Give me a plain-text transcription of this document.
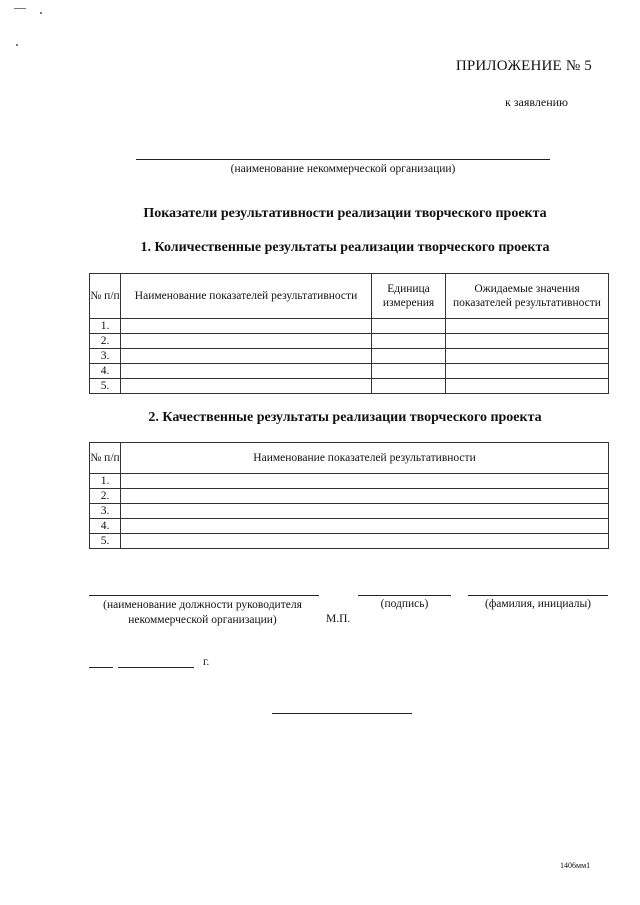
ПРИЛОЖЕНИЕ № 5
к заявлению
(наименование некоммерческой организации)
Показатели результативности реализации творческого проекта
1. Количественные результаты реализации творческого проекта
№ п/п	Наименование показателей результативности	Единица измерения	Ожидаемые значения показателей результативности
1.			
2.			
3.			
4.			
5.			
2. Качественные результаты реализации творческого проекта
№ п/п	Наименование показателей результативности
1.	
2.	
3.	
4.	
5.	
(наименование должности руководителя некоммерческой организации)
(подпись)	(фамилия, инициалы)
М.П.
г.
1406мм1
